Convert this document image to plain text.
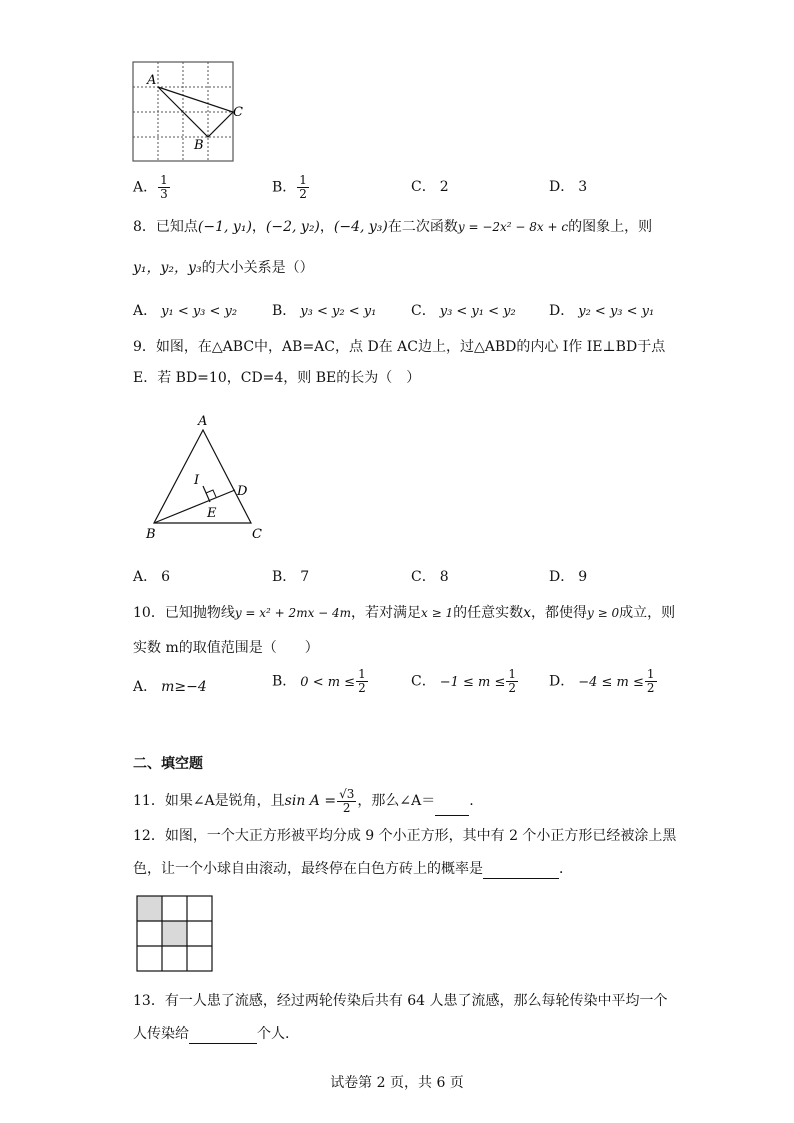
A
B
C
A． $\frac{1}{3}$	B． $\frac{1}{2}$	C． 2	D． 3
8．已知点(−1, y₁)，(−2, y₂)，(−4, y₃)在二次函数y = −2x² − 8x + c的图象上，则
y₁，y₂，y₃的大小关系是（）
A． y₁ < y₃ < y₂ B． y₃ < y₂ < y₁ C． y₃ < y₁ < y₂ D． y₂ < y₃ < y₁
9．如图，在△ABC中，AB=AC，点 D在 AC边上，过△ABD的内心 I作 IE⊥BD于点
E．若 BD=10，CD=4，则 BE的长为（　）
A
B	C
D
E
I
A． 6	B． 7	C． 8	D． 9
10．已知抛物线y = x² + 2mx − 4m，若对满足x ≥ 1的任意实数x，都使得y ≥ 0成立，则
实数 m的取值范围是（　　）
A． m≥−4	B． $0 < m \le \frac{1}{2}$	C． $-1 \le m \le \frac{1}{2}$ D． $-4 \le m \le \frac{1}{2}$
二、填空题
11．如果∠A是锐角，且$\sin A = \frac{√3}{2}$ ，那么∠A＝ .
12．如图，一个大正方形被平均分成 9 个小正方形，其中有 2 个小正方形已经被涂上黑
色，让一个小球自由滚动，最终停在白色方砖上的概率是	．
13．有一人患了流感，经过两轮传染后共有 64 人患了流感，那么每轮传染中平均一个
人传染给	个人.
试卷第 2 页，共 6 页
